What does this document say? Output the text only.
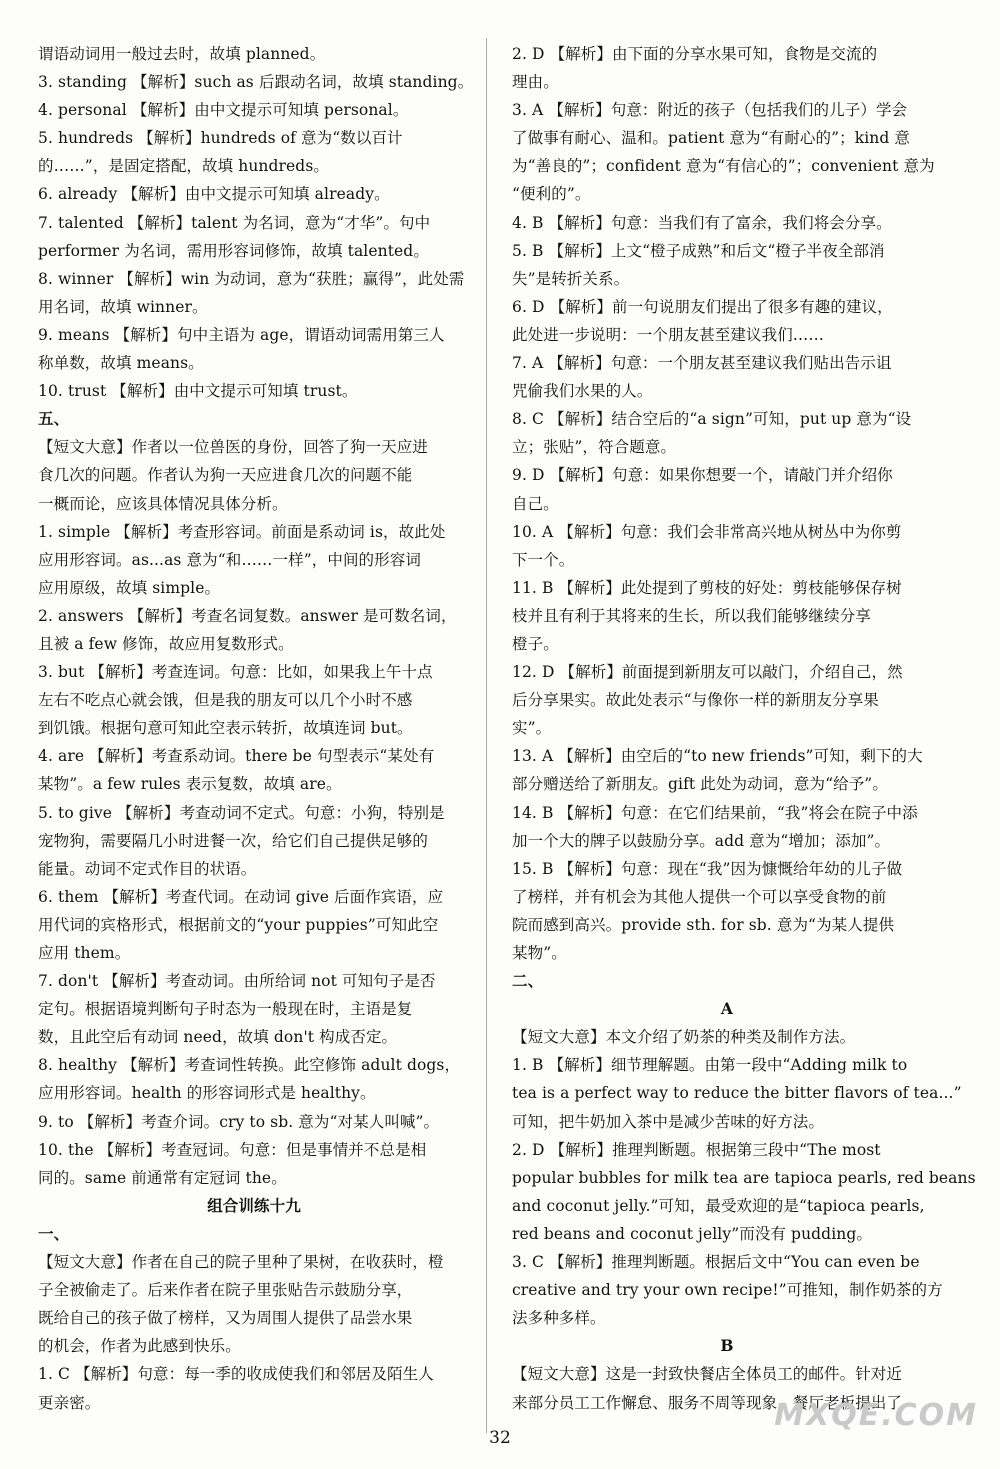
谓语动词用一般过去时，故填 planned。
3. standing 【解析】such as 后跟动名词，故填 standing。
4. personal 【解析】由中文提示可知填 personal。
5. hundreds 【解析】hundreds of 意为“数以百计
的……”，是固定搭配，故填 hundreds。
6. already 【解析】由中文提示可知填 already。
7. talented 【解析】talent 为名词，意为“才华”。句中
performer 为名词，需用形容词修饰，故填 talented。
8. winner 【解析】win 为动词，意为“获胜；赢得”，此处需
用名词，故填 winner。
9. means 【解析】句中主语为 age，谓语动词需用第三人
称单数，故填 means。
10. trust 【解析】由中文提示可知填 trust。
五、
【短文大意】作者以一位兽医的身份，回答了狗一天应进
食几次的问题。作者认为狗一天应进食几次的问题不能
一概而论，应该具体情况具体分析。
1. simple 【解析】考查形容词。前面是系动词 is，故此处
应用形容词。as...as 意为“和……一样”，中间的形容词
应用原级，故填 simple。
2. answers 【解析】考查名词复数。answer 是可数名词，
且被 a few 修饰，故应用复数形式。
3. but 【解析】考查连词。句意：比如，如果我上午十点
左右不吃点心就会饿，但是我的朋友可以几个小时不感
到饥饿。根据句意可知此空表示转折，故填连词 but。
4. are 【解析】考查系动词。there be 句型表示“某处有
某物”。a few rules 表示复数，故填 are。
5. to give 【解析】考查动词不定式。句意：小狗，特别是
宠物狗，需要隔几小时进餐一次，给它们自己提供足够的
能量。动词不定式作目的状语。
6. them 【解析】考查代词。在动词 give 后面作宾语，应
用代词的宾格形式，根据前文的“your puppies”可知此空
应用 them。
7. don't 【解析】考查动词。由所给词 not 可知句子是否
定句。根据语境判断句子时态为一般现在时，主语是复
数，且此空后有动词 need，故填 don't 构成否定。
8. healthy 【解析】考查词性转换。此空修饰 adult dogs，
应用形容词。health 的形容词形式是 healthy。
9. to 【解析】考查介词。cry to sb. 意为“对某人叫喊”。
10. the 【解析】考查冠词。句意：但是事情并不总是相
同的。same 前通常有定冠词 the。
组合训练十九
一、
【短文大意】作者在自己的院子里种了果树，在收获时，橙
子全被偷走了。后来作者在院子里张贴告示鼓励分享，
既给自己的孩子做了榜样，又为周围人提供了品尝水果
的机会，作者为此感到快乐。
1. C 【解析】句意：每一季的收成使我们和邻居及陌生人
更亲密。
2. D 【解析】由下面的分享水果可知，食物是交流的
理由。
3. A 【解析】句意：附近的孩子（包括我们的儿子）学会
了做事有耐心、温和。patient 意为“有耐心的”；kind 意
为“善良的”；confident 意为“有信心的”；convenient 意为
“便利的”。
4. B 【解析】句意：当我们有了富余，我们将会分享。
5. B 【解析】上文“橙子成熟”和后文“橙子半夜全部消
失”是转折关系。
6. D 【解析】前一句说朋友们提出了很多有趣的建议，
此处进一步说明：一个朋友甚至建议我们……
7. A 【解析】句意：一个朋友甚至建议我们贴出告示诅
咒偷我们水果的人。
8. C 【解析】结合空后的“a sign”可知，put up 意为“设
立；张贴”，符合题意。
9. D 【解析】句意：如果你想要一个，请敲门并介绍你
自己。
10. A 【解析】句意：我们会非常高兴地从树丛中为你剪
下一个。
11. B 【解析】此处提到了剪枝的好处：剪枝能够保存树
枝并且有利于其将来的生长，所以我们能够继续分享
橙子。
12. D 【解析】前面提到新朋友可以敲门，介绍自己，然
后分享果实。故此处表示“与像你一样的新朋友分享果
实”。
13. A 【解析】由空后的“to new friends”可知，剩下的大
部分赠送给了新朋友。gift 此处为动词，意为“给予”。
14. B 【解析】句意：在它们结果前，“我”将会在院子中添
加一个大的牌子以鼓励分享。add 意为“增加；添加”。
15. B 【解析】句意：现在“我”因为慷慨给年幼的儿子做
了榜样，并有机会为其他人提供一个可以享受食物的前
院而感到高兴。provide sth. for sb. 意为“为某人提供
某物”。
二、
A
【短文大意】本文介绍了奶茶的种类及制作方法。
1. B 【解析】细节理解题。由第一段中“Adding milk to
tea is a perfect way to reduce the bitter flavors of tea...”
可知，把牛奶加入茶中是减少苦味的好方法。
2. D 【解析】推理判断题。根据第三段中“The most
popular bubbles for milk tea are tapioca pearls, red beans
and coconut jelly.”可知，最受欢迎的是“tapioca pearls,
red beans and coconut jelly”而没有 pudding。
3. C 【解析】推理判断题。根据后文中“You can even be
creative and try your own recipe!”可推知，制作奶茶的方
法多种多样。
B
【短文大意】这是一封致快餐店全体员工的邮件。针对近
来部分员工工作懈怠、服务不周等现象，餐厅老板提出了
32
MXQE.COM
